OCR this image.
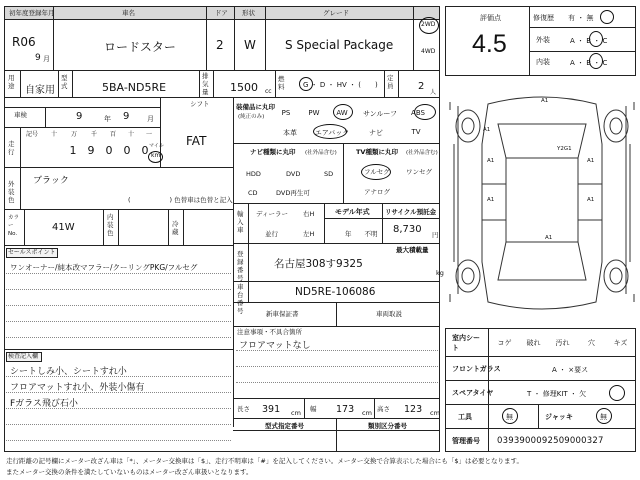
初年度登録年月	車名	ドア 形状	グレード
R06
9 月
ロードスター	2 W S Special Package
2WD
4WD
用途 自家用
型式	5BA-ND5RE
排気量 1500 cc
燃料	G ・ D ・ HV ・ (　　)
定員 2
人
車検	9	年 9	月
シフト
FAT
走行
記号	十	万	千	百	十	一
1	9	0	0	0 マイル
km
外装色
ブラック
(　　　　　　) 色替車は色替と記入
カラーNo.
41W
内装色
冷蔵
セールスポイント
ワンオーナー/純本改マフラー/クーリングPKG/フルセグ
検査記入欄
シートしみ小、シートすれ小
フロアマットすれ小、外装小傷有
Fガラス飛び石小
装備品に丸印
(純正のみ)	PS	PW	AW	サンルーフ	ABS
本革	エアバック	ナビ	TV
ナビ種類に丸印 (社外品含む)
HDD	DVD	SD
CD	DVD再生可
TV種類に丸印 (社外品含む)
フルセグ	ワンセグ
アナログ
輸入車
ディーラー
並行
右H
左H
モデル年式
年　　不明
リサイクル預託金
8,730 円
登録番号
名古屋308す9325
最大積載量
kg
車台番号
ND5RE-106086
新車保証書	車両取説
注意事項・不具合箇所
フロアマットなし
長さ 391 cm 幅 173 cm 高さ 123 cm
型式指定番号	類別区分番号
評価点
4.5
修復歴 有 ・ 無
外装	A ・ B ・ C
内装	A ・ B ・ C
A1
A1
A1	A1
Y2G1
A1	A1
A1
室内シート
コゲ	破れ	汚れ	穴	キズ
フロントガラス	A ・ ×要ス
スペアタイヤ	T ・ 修理KIT ・ 欠
工具	無	ジャッキ	無
管理番号 0393900092509000327
走行距離の記号欄にメーター改ざん車は「*」、メーター交換車は「$」、走行不明車は「#」を記入してください。メーター交換で合算表示した場合にも「$」は必要となります。
またメーター交換の条件を満たしていないものはメーター改ざん車扱いとなります。
